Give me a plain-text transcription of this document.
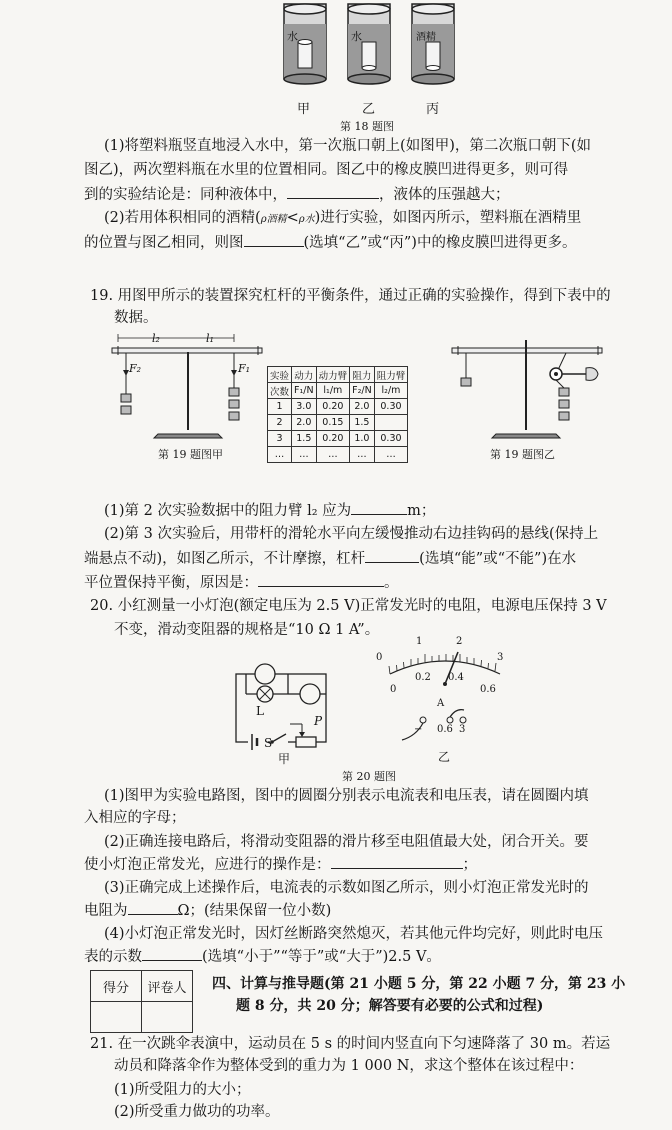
水	水	酒精
甲	乙	丙
第 18 题图
(1)将塑料瓶竖直地浸入水中，第一次瓶口朝上(如图甲)，第二次瓶口朝下(如
图乙)，两次塑料瓶在水里的位置相同。图乙中的橡皮膜凹进得更多，则可得
到的实验结论是：同种液体中，	，液体的压强越大；
(2)若用体积相同的酒精(ρ酒精<ρ水)进行实验，如图丙所示，塑料瓶在酒精里
的位置与图乙相同，则图	(选填“乙”或“丙”)中的橡皮膜凹进得更多。
19. 用图甲所示的装置探究杠杆的平衡条件，通过正确的实验操作，得到下表中的
数据。
l₂	l₁
F₂	F₁
第 19 题图甲
实验	动力	动力臂	阻力	阻力臂
次数	F₁/N	l₁/m	F₂/N	l₂/m
1	3.0	0.20	2.0	0.30
2	2.0	0.15	1.5	
3	1.5	0.20	1.0	0.30
…	…	…	…	…	第 19 题图乙
(1)第 2 次实验数据中的阻力臂 l₂ 应为	m；
(2)第 3 次实验后，用带杆的滑轮水平向左缓慢推动右边挂钩码的悬线(保持上
端悬点不动)，如图乙所示，不计摩擦，杠杆	(选填“能”或“不能”)在水
平位置保持平衡，原因是：	。
20. 小红测量一小灯泡(额定电压为 2.5 V)正常发光时的电阻，电源电压保持 3 V
不变，滑动变阻器的规格是“10 Ω 1 A”。
L
S
P
甲
0
1	2
3
0
0.2 0.4
0.6
A
− 0.6 3
乙
第 20 题图
(1)图甲为实验电路图，图中的圆圈分别表示电流表和电压表，请在圆圈内填
入相应的字母；
(2)正确连接电路后，将滑动变阻器的滑片移至电阻值最大处，闭合开关。要
使小灯泡正常发光，应进行的操作是：	；
(3)正确完成上述操作后，电流表的示数如图乙所示，则小灯泡正常发光时的
电阻为	Ω；(结果保留一位小数)
(4)小灯泡正常发光时，因灯丝断路突然熄灭，若其他元件均完好，则此时电压
表的示数	(选填“小于”“等于”或“大于”)2.5 V。
得分	评卷人
	四、计算与推导题(第 21 小题 5 分，第 22 小题 7 分，第 23 小
题 8 分，共 20 分；解答要有必要的公式和过程)
21. 在一次跳伞表演中，运动员在 5 s 的时间内竖直向下匀速降落了 30 m。若运
动员和降落伞作为整体受到的重力为 1 000 N，求这个整体在该过程中：
(1)所受阻力的大小；
(2)所受重力做功的功率。
